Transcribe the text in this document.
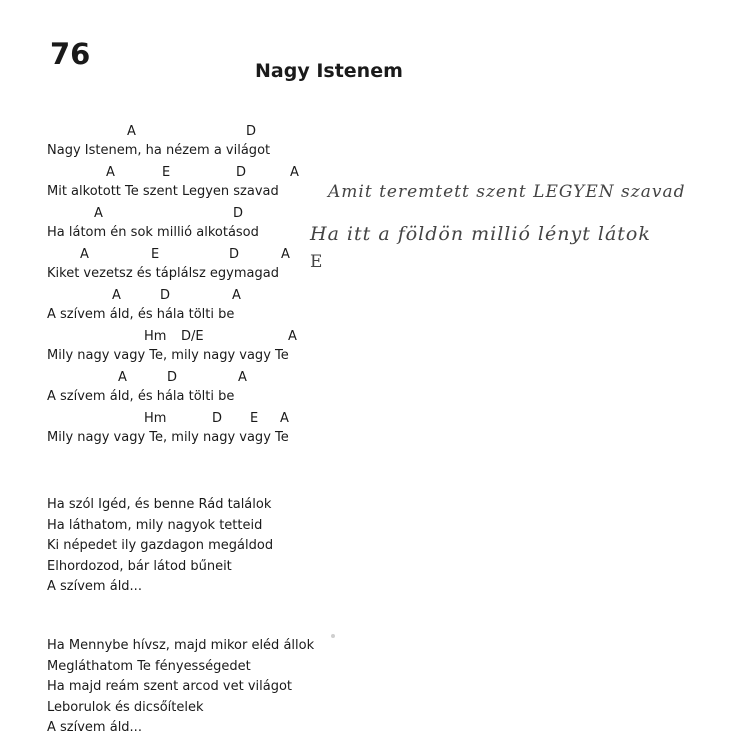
76	Nagy Istenem
A	D
Nagy Istenem, ha nézem a világot
A	E	D	A
Mit alkotott Te szent Legyen szavad
A	D
Ha látom én sok millió alkotásod
A	E	D	A
Kiket vezetsz és táplálsz egymagad
A	D	A
A szívem áld, és hála tölti be
Hm D/E	A
Mily nagy vagy Te, mily nagy vagy Te
A	D	A
A szívem áld, és hála tölti be
Hm	D E A
Mily nagy vagy Te, mily nagy vagy Te
Ha szól Igéd, és benne Rád találok
Ha láthatom, mily nagyok tetteid
Ki népedet ily gazdagon megáldod
Elhordozod, bár látod bűneit
A szívem áld...
Ha Mennybe hívsz, majd mikor eléd állok
Megláthatom Te fényességedet
Ha majd reám szent arcod vet világot
Leborulok és dicsőítelek
A szívem áld...
Amit teremtett szent LEGYEN szavad
Ha itt a földön millió lényt látok
E
